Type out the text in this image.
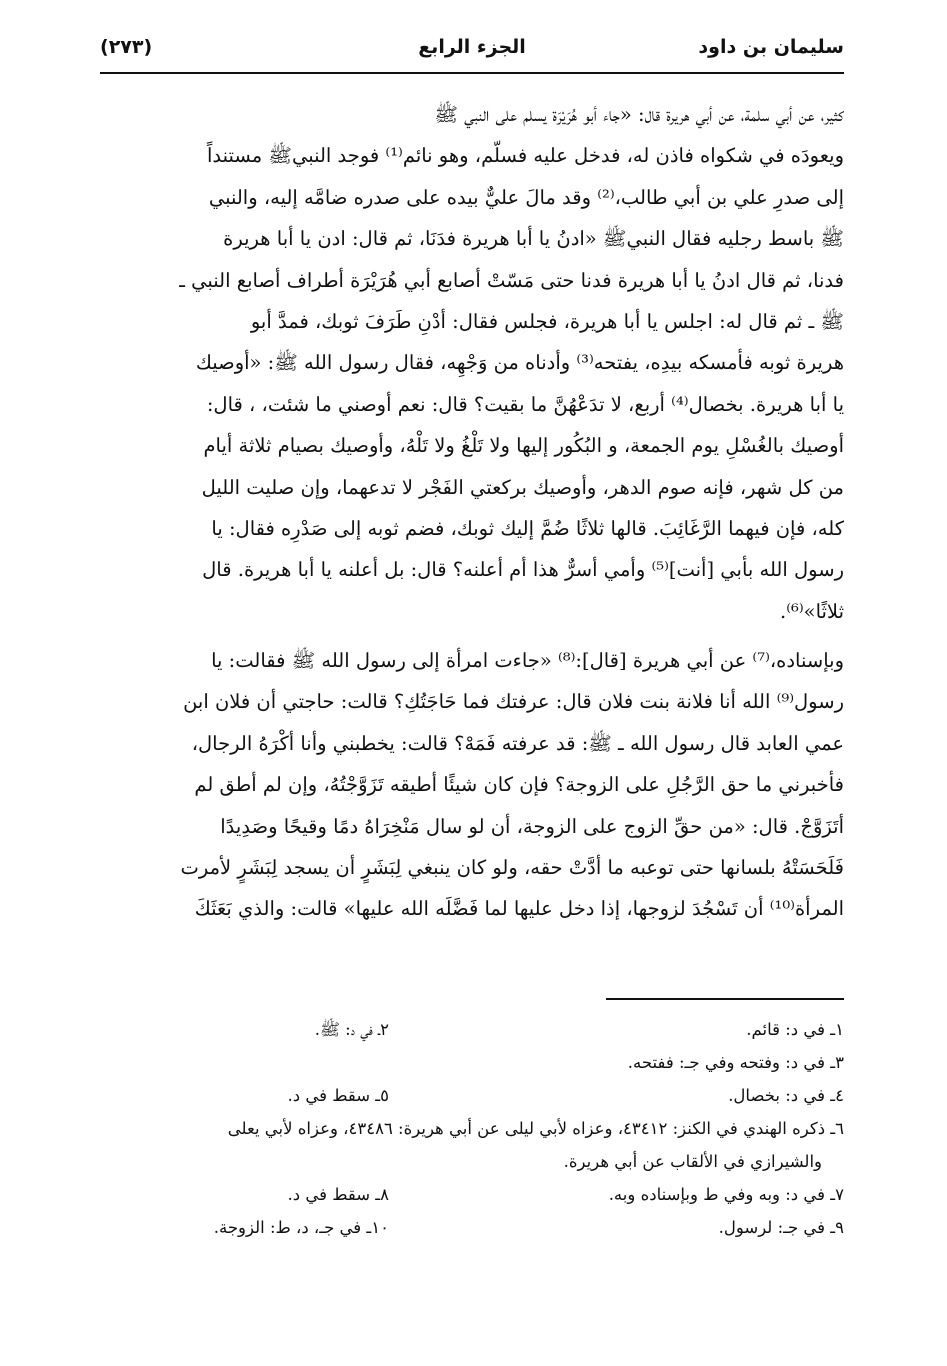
سليمان بن داود
الجزء الرابع
(٢٧٣)
كثير، عن أبي سلمة، عن أبي هريرة قال: «جاء أبو هُرَيْرَة يسلم على النبي ﷺ
ويعودَه في شكواه فاذن له، فدخل عليه فسلّم، وهو نائم⁽¹⁾ فوجد النبيﷺ مستنداً
إلى صدرِ علي بن أبي طالب،⁽²⁾ وقد مالَ عليٌّ بيده على صدره ضامَّه إليه، والنبي
ﷺ باسط رجليه فقال النبيﷺ «ادنُ يا أبا هريرة فدَنَا، ثم قال: ادن يا أبا هريرة
فدنا، ثم قال ادنُ يا أبا هريرة فدنا حتى مَسّتْ أصابع أبي هُرَيْرَة أطراف أصابع النبي ـ
ﷺ ـ ثم قال له: اجلس يا أبا هريرة، فجلس فقال: أدْنِ طَرَفَ ثوبك، فمدَّ أبو
هريرة ثوبه فأمسكه بيدِه، يفتحه⁽³⁾ وأدناه من وَجْهِه، فقال رسول الله ﷺ: «أوصيك
يا أبا هريرة. بخصال⁽⁴⁾ أربع، لا تدَعْهُنَّ ما بقيت؟ قال: نعم أوصني ما شئت، ، قال:
أوصيك بالغُسْلِ يوم الجمعة، و البُكُور إليها ولا تَلْغُ ولا تَلْهُ، وأوصيك بصيام ثلاثة أيام
من كل شهر، فإنه صوم الدهر، وأوصيك بركعتي الفَجْر لا تدعهما، وإن صليت الليل
كله، فإن فيهما الرَّغَائِبَ. قالها ثلاثًا ضُمَّ إليك ثوبك، فضم ثوبه إلى صَدْرِه فقال: يا
رسول الله بأبي [أنت]⁽⁵⁾ وأمي أسرٌّ هذا أم أعلنه؟ قال: بل أعلنه يا أبا هريرة. قال
ثلاثًا»⁽⁶⁾.
وبإسناده،⁽⁷⁾ عن أبي هريرة [قال]:⁽⁸⁾ «جاءت امرأة إلى رسول الله ﷺ فقالت: يا
رسول⁽⁹⁾ الله أنا فلانة بنت فلان قال: عرفتك فما حَاجَتُكِ؟ قالت: حاجتي أن فلان ابن
عمي العابد قال رسول الله ـ ﷺ: قد عرفته فَمَهْ؟ قالت: يخطبني وأنا أكْرَهُ الرجال،
فأخبرني ما حق الرَّجُلِ على الزوجة؟ فإن كان شيئًا أطيقه تَزَوَّجْتُهُ، وإن لم أطق لم
أتَزَوَّجْ. قال: «من حقِّ الزوج على الزوجة، أن لو سال مَنْخِرَاهُ دمًا وقيحًا وصَدِيدًا
فَلَحَسَتْهُ بلسانها حتى توعبه ما أدَّتْ حقه، ولو كان ينبغي لِبَشَرٍ أن يسجد لِبَشَرٍ لأمرت
المرأة⁽¹⁰⁾ أن تَسْجُدَ لزوجها، إذا دخل عليها لما فَضَّلَه الله عليها» قالت: والذي بَعَثَكَ
١ـ في د: قائم.
٢ـ في د: ﷺ.
٣ـ في د: وفتحه وفي جـ: ففتحه.
٤ـ في د: بخصال.
٥ـ سقط في د.
٦ـ ذكره الهندي في الكنز: ٤٣٤١٢، وعزاه لأبي ليلى عن أبي هريرة: ٤٣٤٨٦، وعزاه لأبي يعلى
والشيرازي في الألقاب عن أبي هريرة.
٧ـ في د: وبه وفي ط وبإسناده وبه.
٨ـ سقط في د.
٩ـ في جـ: لرسول.
١٠ـ في جـ، د، ط: الزوجة.
